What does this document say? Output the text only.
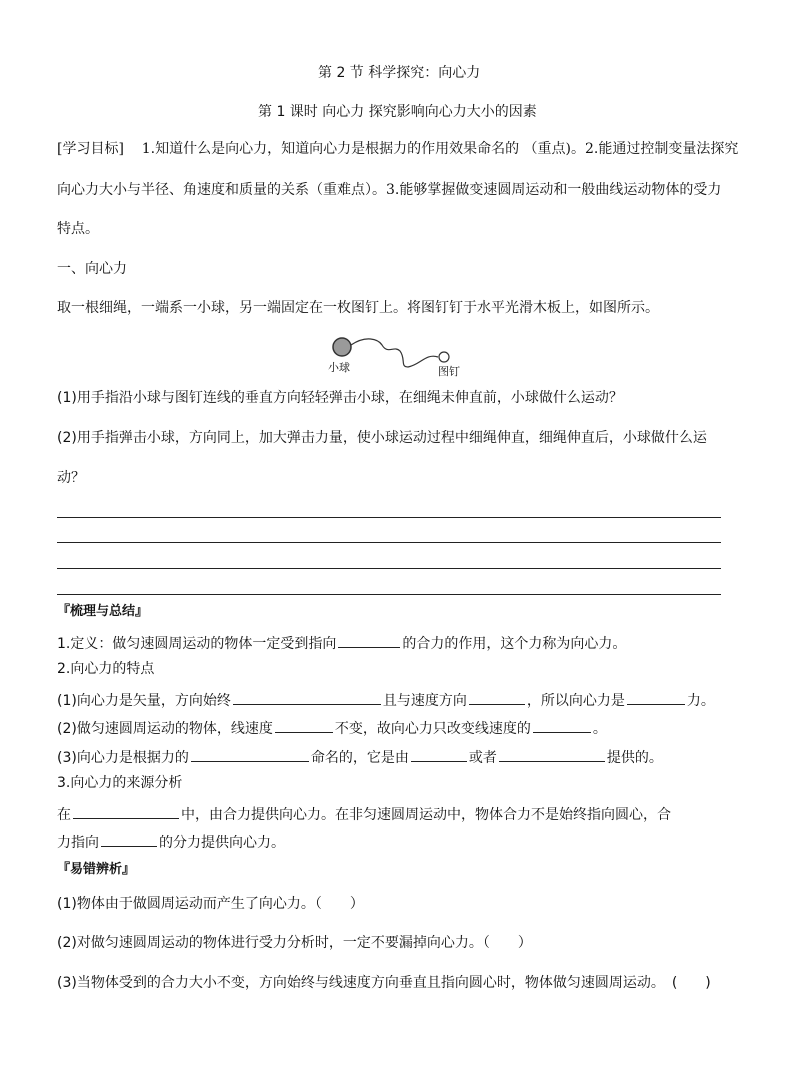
第 2 节 科学探究：向心力
第 1 课时 向心力 探究影响向心力大小的因素
[学习目标] 1.知道什么是向心力，知道向心力是根据力的作用效果命名的 （重点)。2.能通过控制变量法探究
向心力大小与半径、角速度和质量的关系（重难点）。3.能够掌握做变速圆周运动和一般曲线运动物体的受力
特点。
一、向心力
取一根细绳，一端系一小球，另一端固定在一枚图钉上。将图钉钉于水平光滑木板上，如图所示。
小球	图钉
(1)用手指沿小球与图钉连线的垂直方向轻轻弹击小球，在细绳未伸直前，小球做什么运动？
(2)用手指弹击小球，方向同上，加大弹击力量，使小球运动过程中细绳伸直，细绳伸直后，小球做什么运
动？
『梳理与总结』
1.定义：做匀速圆周运动的物体一定受到指向	的合力的作用，这个力称为向心力。
2.向心力的特点
(1)向心力是矢量，方向始终	且与速度方向	，所以向心力是	力。
(2)做匀速圆周运动的物体，线速度	不变，故向心力只改变线速度的	。
(3)向心力是根据力的	命名的，它是由	或者	提供的。
3.向心力的来源分析
在	中，由合力提供向心力。在非匀速圆周运动中，物体合力不是始终指向圆心，合
力指向	的分力提供向心力。
『易错辨析』
(1)物体由于做圆周运动而产生了向心力。（　　）
(2)对做匀速圆周运动的物体进行受力分析时，一定不要漏掉向心力。（　　）
(3)当物体受到的合力大小不变，方向始终与线速度方向垂直且指向圆心时，物体做匀速圆周运动。　(　　)
